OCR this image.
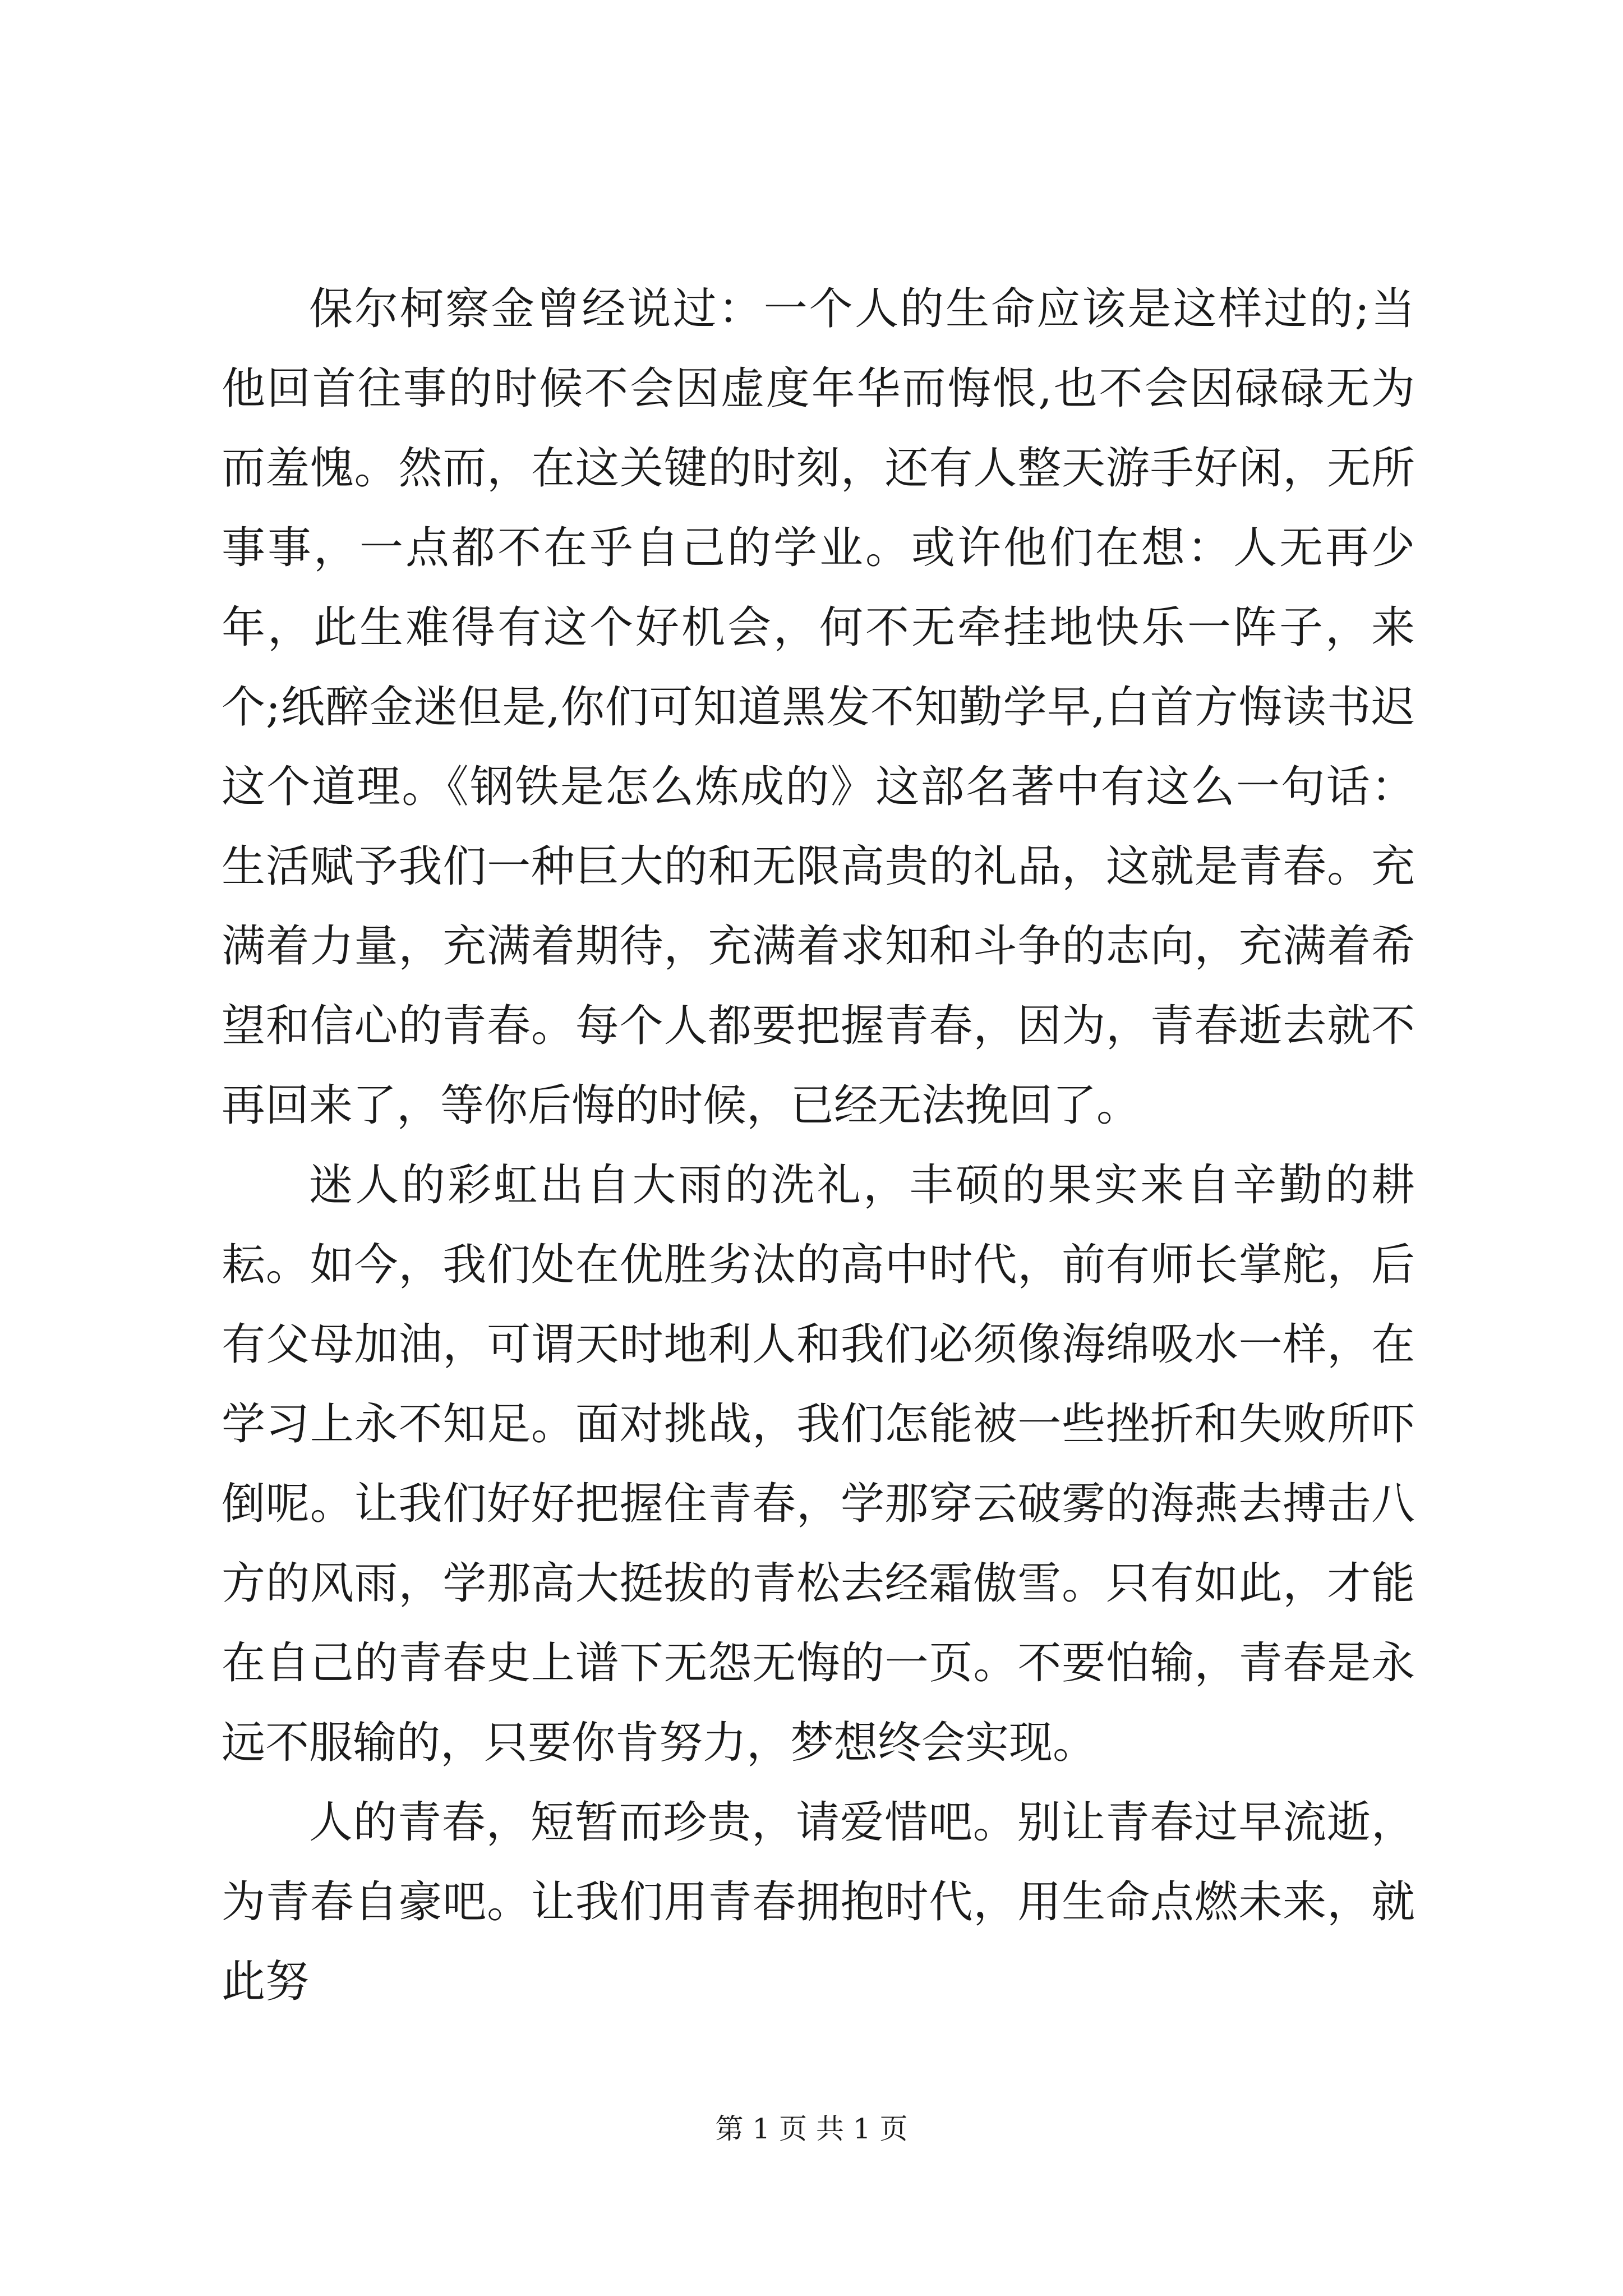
保尔柯察金曾经说过：一个人的生命应该是这样过的;当他回首往事的时候不会因虚度年华而悔恨,也不会因碌碌无为而羞愧。然而，在这关键的时刻，还有人整天游手好闲，无所事事，一点都不在乎自己的学业。或许他们在想：人无再少年，此生难得有这个好机会，何不无牵挂地快乐一阵子，来个;纸醉金迷但是,你们可知道黑发不知勤学早,白首方悔读书迟这个道理。《钢铁是怎么炼成的》这部名著中有这么一句话：生活赋予我们一种巨大的和无限高贵的礼品，这就是青春。充满着力量，充满着期待，充满着求知和斗争的志向，充满着希望和信心的青春。每个人都要把握青春，因为，青春逝去就不再回来了，等你后悔的时候，已经无法挽回了。

迷人的彩虹出自大雨的洗礼，丰硕的果实来自辛勤的耕耘。如今，我们处在优胜劣汰的高中时代，前有师长掌舵，后有父母加油，可谓天时地利人和我们必须像海绵吸水一样，在学习上永不知足。面对挑战，我们怎能被一些挫折和失败所吓倒呢。让我们好好把握住青春，学那穿云破雾的海燕去搏击八方的风雨，学那高大挺拔的青松去经霜傲雪。只有如此，才能在自己的青春史上谱下无怨无悔的一页。不要怕输，青春是永远不服输的，只要你肯努力，梦想终会实现。

人的青春，短暂而珍贵，请爱惜吧。别让青春过早流逝，为青春自豪吧。让我们用青春拥抱时代，用生命点燃未来，就此努

第 1 页 共 1 页
